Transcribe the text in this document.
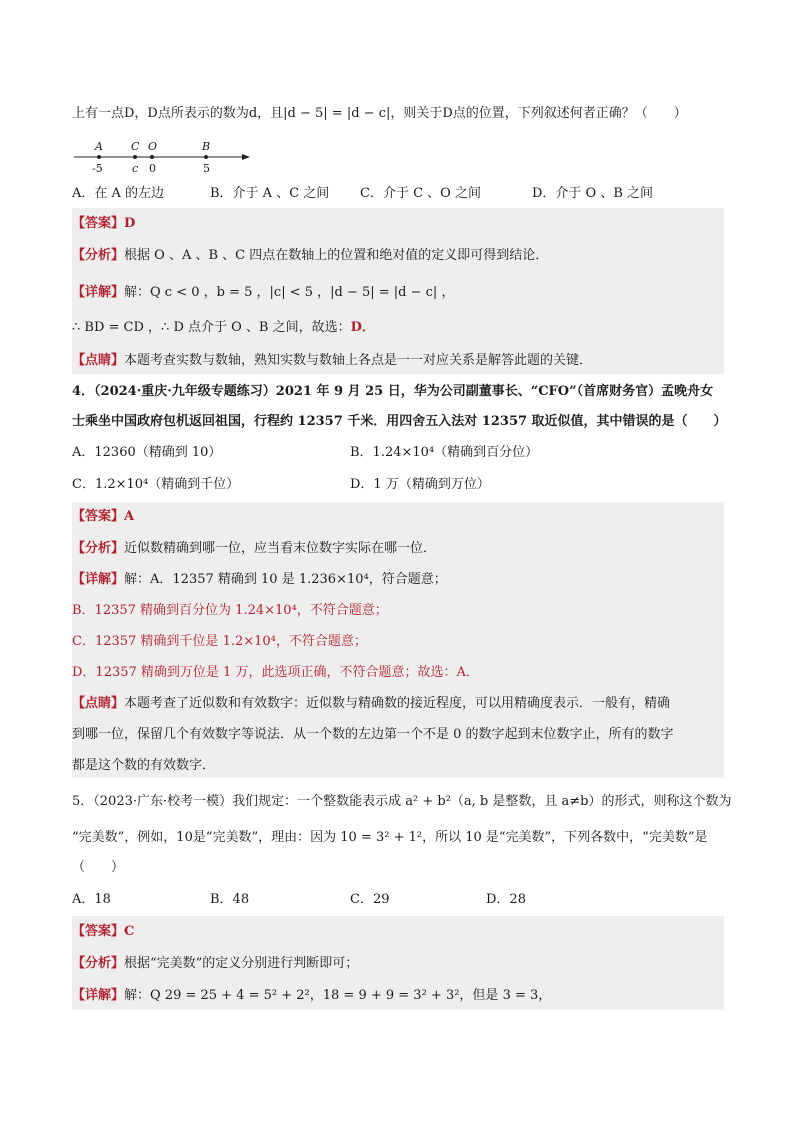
上有一点D，D点所表示的数为d，且|d − 5| = |d − c|，则关于D点的位置，下列叙述何者正确？（　　）
A	C O	B
-5	c 0	5
A．在 A 的左边	B．介于 A 、C 之间 C．介于 C 、O 之间	D．介于 O 、B 之间
【答案】D
【分析】根据 O 、A 、B 、C 四点在数轴上的位置和绝对值的定义即可得到结论．
【详解】解：Q c < 0 ，b = 5 ，|c| < 5 ，|d − 5| = |d − c| ，
∴ BD = CD ，∴ D 点介于 O 、B 之间，故选：D．
【点睛】本题考查实数与数轴，熟知实数与数轴上各点是一一对应关系是解答此题的关键．
4．（2024·重庆·九年级专题练习）2021 年 9 月 25 日，华为公司副董事长、“CFO”（首席财务官）孟晚舟女
士乘坐中国政府包机返回祖国，行程约 12357 千米．用四舍五入法对 12357 取近似值，其中错误的是（　　）
A．12360（精确到 10）	B．1.24×10⁴（精确到百分位）
C．1.2×10⁴（精确到千位）	D．1 万（精确到万位）
【答案】A
【分析】近似数精确到哪一位，应当看末位数字实际在哪一位．
【详解】解：A．12357 精确到 10 是 1.236×10⁴，符合题意；
B．12357 精确到百分位为 1.24×10⁴，不符合题意；
C．12357 精确到千位是 1.2×10⁴，不符合题意；
D．12357 精确到万位是 1 万，此选项正确，不符合题意；故选：A．
【点睛】本题考查了近似数和有效数字：近似数与精确数的接近程度，可以用精确度表示．一般有，精确
到哪一位，保留几个有效数字等说法．从一个数的左边第一个不是 0 的数字起到末位数字止，所有的数字
都是这个数的有效数字．
5．（2023·广东·校考一模）我们规定：一个整数能表示成 a² + b²（a, b 是整数，且 a≠b）的形式，则称这个数为
“完美数”，例如，10是“完美数”，理由：因为 10 = 3² + 1²，所以 10 是“完美数”，下列各数中，“完美数”是
（　　）
A．18	B．48	C．29	D．28
【答案】C
【分析】根据“完美数”的定义分别进行判断即可；
【详解】解：Q 29 = 25 + 4 = 5² + 2²，18 = 9 + 9 = 3² + 3²，但是 3 = 3，
